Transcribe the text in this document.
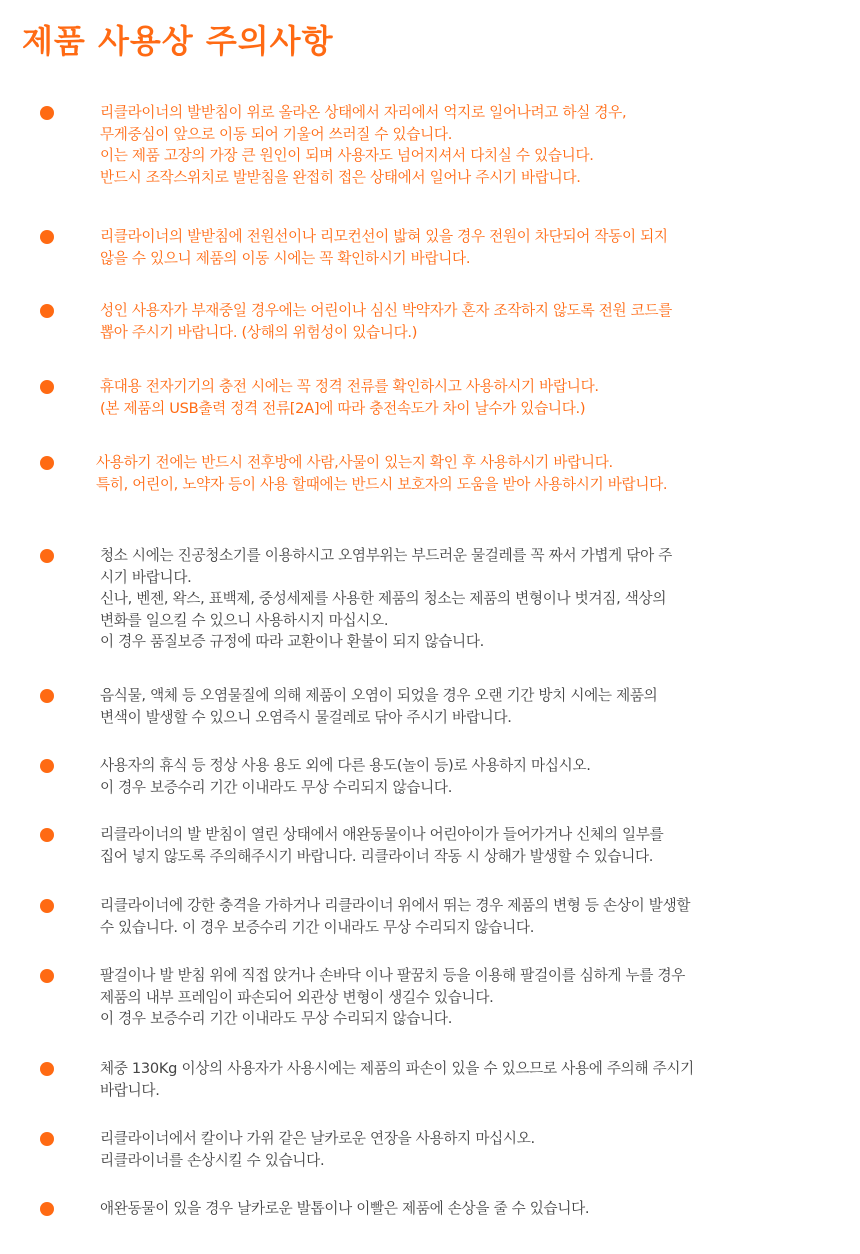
제품 사용상 주의사항
리클라이너의 발받침이 위로 올라온 상태에서 자리에서 억지로 일어나려고 하실 경우,
무게중심이 앞으로 이동 되어 기울어 쓰러질 수 있습니다.
이는 제품 고장의 가장 큰 원인이 되며 사용자도 넘어지셔서 다치실 수 있습니다.
반드시 조작스위치로 발받침을 완접히 접은 상태에서 일어나 주시기 바랍니다.
리클라이너의 발받침에 전원선이나 리모컨선이 밟혀 있을 경우 전원이 차단되어 작동이 되지
않을 수 있으니 제품의 이동 시에는 꼭 확인하시기 바랍니다.
성인 사용자가 부재중일 경우에는 어린이나 심신 박약자가 혼자 조작하지 않도록 전원 코드를
뽑아 주시기 바랍니다. (상해의 위험성이 있습니다.)
휴대용 전자기기의 충전 시에는 꼭 정격 전류를 확인하시고 사용하시기 바랍니다.
(본 제품의 USB출력 정격 전류[2A]에 따라 충전속도가 차이 날수가 있습니다.)
사용하기 전에는 반드시 전후방에 사람,사물이 있는지 확인 후 사용하시기 바랍니다.
특히, 어린이, 노약자 등이 사용 할때에는 반드시 보호자의 도움을 받아 사용하시기 바랍니다.
청소 시에는 진공청소기를 이용하시고 오염부위는 부드러운 물걸레를 꼭 짜서 가볍게 닦아 주
시기 바랍니다.
신나, 벤젠, 왁스, 표백제, 중성세제를 사용한 제품의 청소는 제품의 변형이나 벗겨짐, 색상의
변화를 일으킬 수 있으니 사용하시지 마십시오.
이 경우 품질보증 규정에 따라 교환이나 환불이 되지 않습니다.
음식물, 액체 등 오염물질에 의해 제품이 오염이 되었을 경우 오랜 기간 방치 시에는 제품의
변색이 발생할 수 있으니 오염즉시 물걸레로 닦아 주시기 바랍니다.
사용자의 휴식 등 정상 사용 용도 외에 다른 용도(놀이 등)로 사용하지 마십시오.
이 경우 보증수리 기간 이내라도 무상 수리되지 않습니다.
리클라이너의 발 받침이 열린 상태에서 애완동물이나 어린아이가 들어가거나 신체의 일부를
집어 넣지 않도록 주의해주시기 바랍니다. 리클라이너 작동 시 상해가 발생할 수 있습니다.
리클라이너에 강한 충격을 가하거나 리클라이너 위에서 뛰는 경우 제품의 변형 등 손상이 발생할
수 있습니다. 이 경우 보증수리 기간 이내라도 무상 수리되지 않습니다.
팔걸이나 발 받침 위에 직접 앉거나 손바닥 이나 팔꿈치 등을 이용해 팔걸이를 심하게 누를 경우
제품의 내부 프레임이 파손되어 외관상 변형이 생길수 있습니다.
이 경우 보증수리 기간 이내라도 무상 수리되지 않습니다.
체중 130Kg 이상의 사용자가 사용시에는 제품의 파손이 있을 수 있으므로 사용에 주의해 주시기
바랍니다.
리클라이너에서 칼이나 가위 같은 날카로운 연장을 사용하지 마십시오.
리클라이너를 손상시킬 수 있습니다.
애완동물이 있을 경우 날카로운 발톱이나 이빨은 제품에 손상을 줄 수 있습니다.
